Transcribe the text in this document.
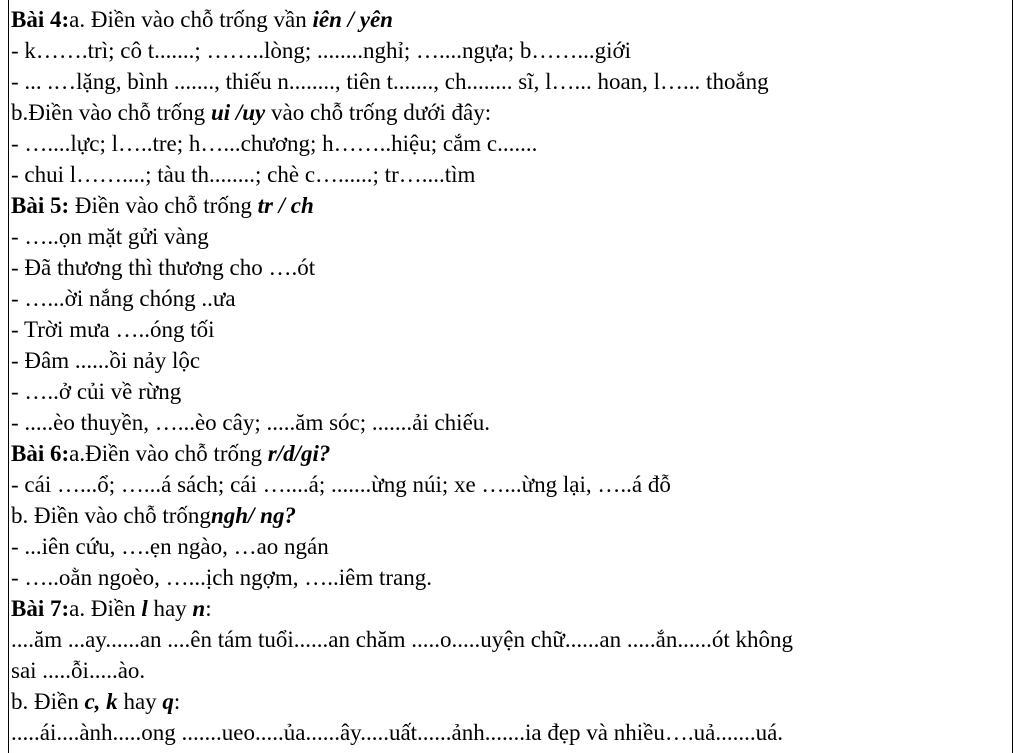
Bài 4:a. Điền vào chỗ trống vần iên / yên
- k…….trì; cô t.......; ……..lòng; ........nghỉ; …....ngựa; b……...giới
- ... .…lặng, bình ......., thiếu n........, tiên t......., ch........ sĩ, l…... hoan, l…... thoắng
b.Điền vào chỗ trống ui /uy vào chỗ trống dưới đây:
- …....lực; l…..tre; h…...chương; h……..hiệu; cắm c.......
- chui l……....; tàu th........; chè c…......; tr…....tìm
Bài 5: Điền vào chỗ trống tr / ch
- …..ọn mặt gửi vàng
- Đã thương thì thương cho ….ót
- …...ời nắng chóng ..ưa
- Trời mưa …..óng tối
- Đâm ......ồi nảy lộc
- …..ở củi về rừng
- .....èo thuyền, …...èo cây; .....ăm sóc; .......ải chiếu.
Bài 6:a.Điền vào chỗ trống r/d/gi?
- cái …...ổ; …...á sách; cái …....á; .......ừng núi; xe …...ừng lại, …..á đỗ
b. Điền vào chỗ trốngngh/ ng?
- ...iên cứu, ….ẹn ngào, …ao ngán
- …..oằn ngoèo, …...ịch ngợm, …..iêm trang.
Bài 7:a. Điền l hay n:
....ăm ...ay......an ....ên tám tuổi......an chăm .....o.....uyện chữ......an .....ắn......ót không
sai .....ỗi.....ào.
b. Điền c, k hay q:
.....ái....ành.....ong .......ueo.....ủa......ây.....uất......ảnh.......ia đẹp và nhiều….uả.......uá.
